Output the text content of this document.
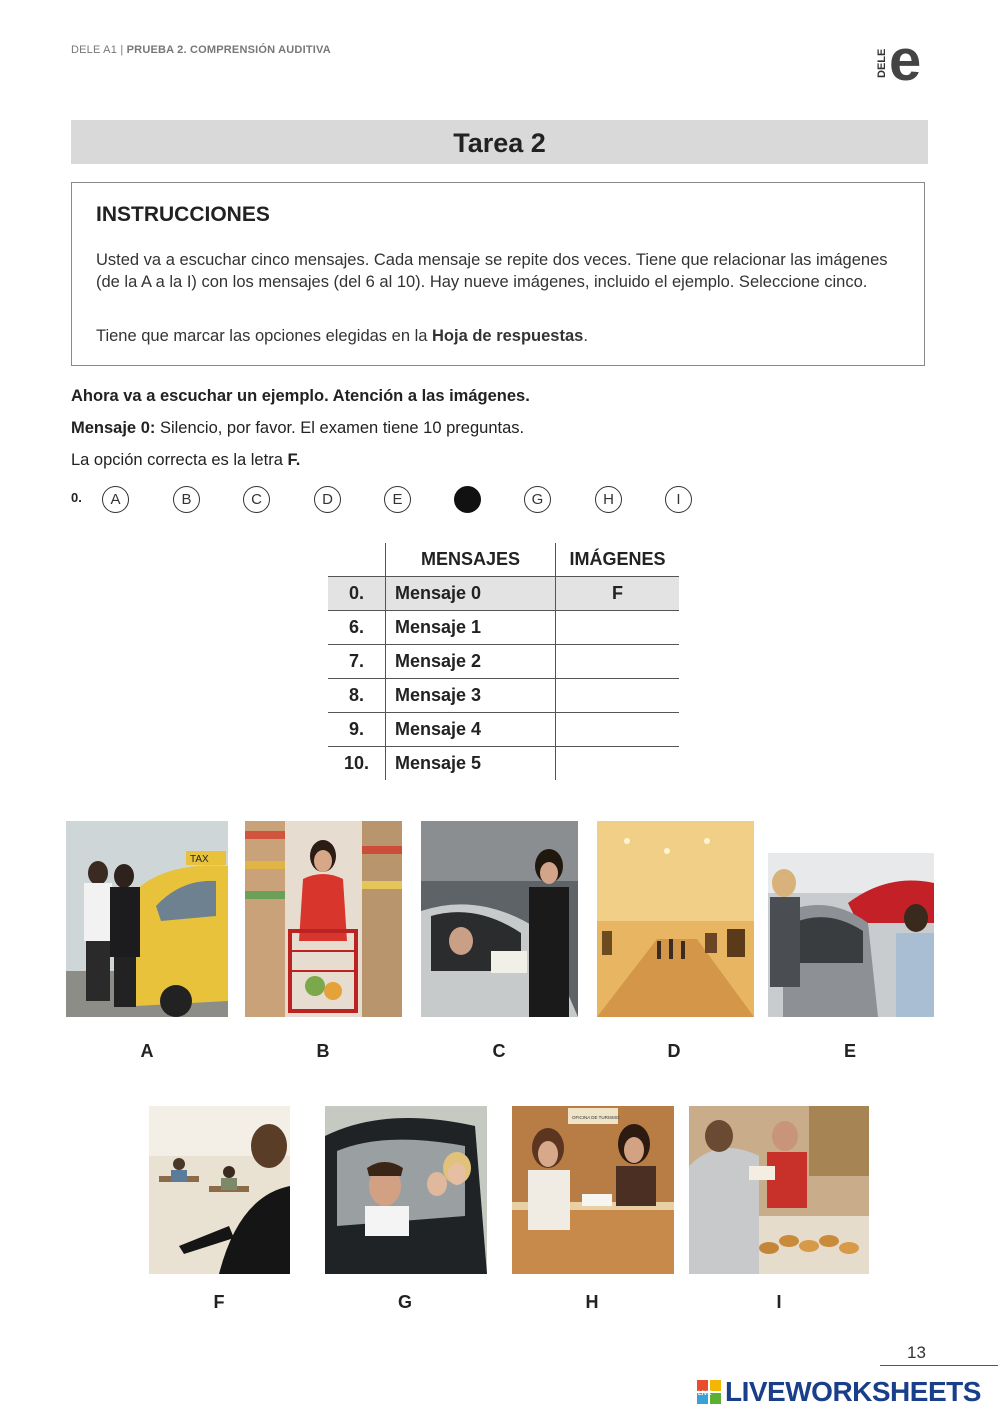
DELE A1 | PRUEBA 2. COMPRENSIÓN AUDITIVA	DELE e
Tarea 2
INSTRUCCIONES
Usted va a escuchar cinco mensajes. Cada mensaje se repite dos veces. Tiene que relacionar las imágenes (de la A a la I) con los mensajes (del 6 al 10). Hay nueve imágenes, incluido el ejemplo. Seleccione cinco.
Tiene que marcar las opciones elegidas en la Hoja de respuestas.
Ahora va a escuchar un ejemplo. Atención a las imágenes.
Mensaje 0: Silencio, por favor. El examen tiene 10 preguntas.
La opción correcta es la letra F.
0.	A	B	C	D	E	F	G	H	I
	MENSAJES	IMÁGENES
0.	Mensaje 0	F
6.	Mensaje 1	
7.	Mensaje 2	
8.	Mensaje 3	
9.	Mensaje 4	
10.	Mensaje 5	
TAX
A	B	C	D	E
OFICINA DE TURISMO
F	G	H	I
13
LIVE LIVEWORKSHEETS
